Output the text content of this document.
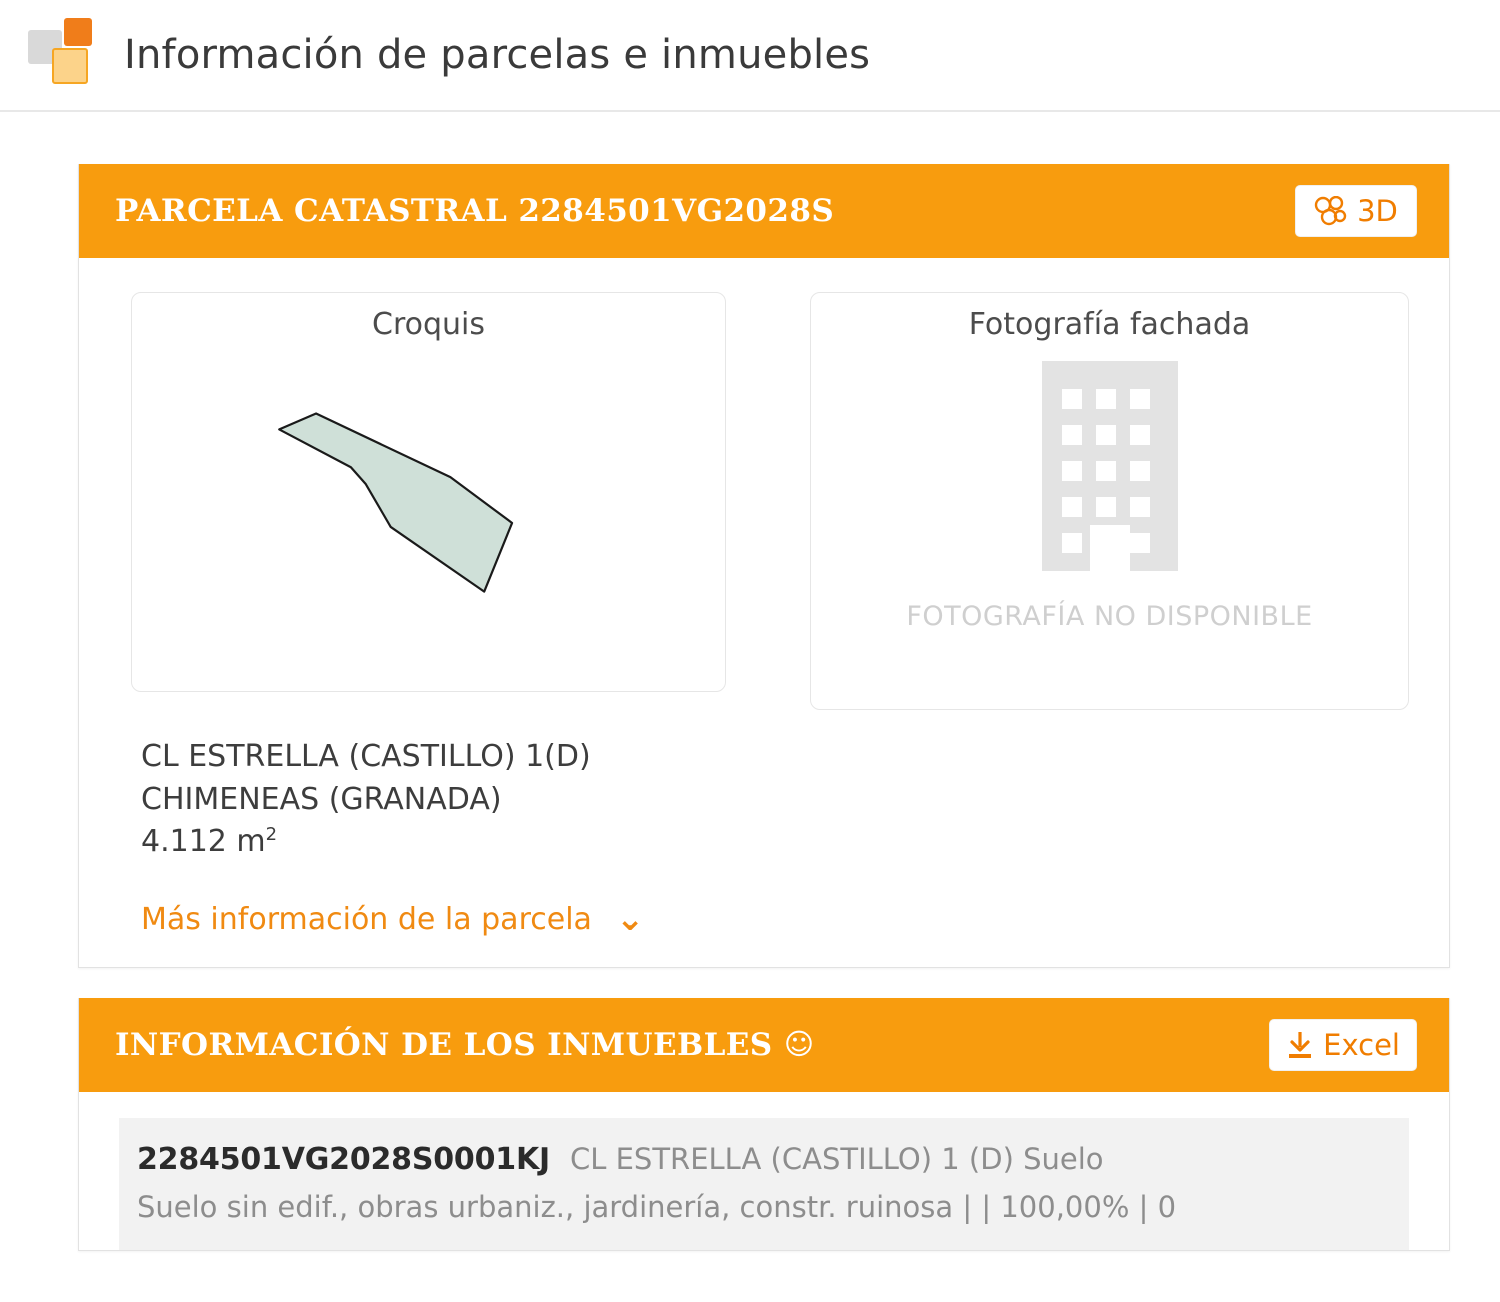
Información de parcelas e inmuebles
PARCELA CATASTRAL 2284501VG2028S	3D
Croquis	Fotografía fachada
FOTOGRAFÍA NO DISPONIBLE
CL ESTRELLA (CASTILLO) 1(D)
CHIMENEAS (GRANADA)
4.112 $m^2$
Más información de la parcela ⌄
INFORMACIÓN DE LOS INMUEBLES ☺	Excel
2284501VG2028S0001KJ CL ESTRELLA (CASTILLO) 1 (D) Suelo
Suelo sin edif., obras urbaniz., jardinería, constr. ruinosa | | 100,00% | 0
